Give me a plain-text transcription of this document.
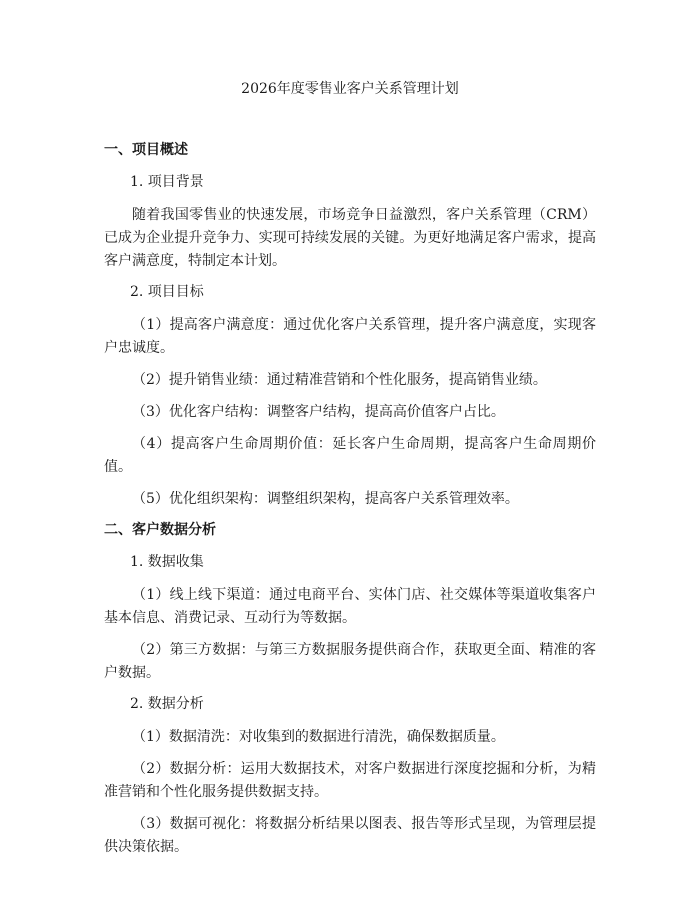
2026年度零售业客户关系管理计划
一、项目概述
1. 项目背景
随着我国零售业的快速发展，市场竞争日益激烈，客户关系管理（CRM）已成为企业提升竞争力、实现可持续发展的关键。为更好地满足客户需求，提高客户满意度，特制定本计划。
2. 项目目标
（1）提高客户满意度：通过优化客户关系管理，提升客户满意度，实现客户忠诚度。
（2）提升销售业绩：通过精准营销和个性化服务，提高销售业绩。
（3）优化客户结构：调整客户结构，提高高价值客户占比。
（4）提高客户生命周期价值：延长客户生命周期，提高客户生命周期价值。
（5）优化组织架构：调整组织架构，提高客户关系管理效率。
二、客户数据分析
1. 数据收集
（1）线上线下渠道：通过电商平台、实体门店、社交媒体等渠道收集客户基本信息、消费记录、互动行为等数据。
（2）第三方数据：与第三方数据服务提供商合作，获取更全面、精准的客户数据。
2. 数据分析
（1）数据清洗：对收集到的数据进行清洗，确保数据质量。
（2）数据分析：运用大数据技术，对客户数据进行深度挖掘和分析，为精准营销和个性化服务提供数据支持。
（3）数据可视化：将数据分析结果以图表、报告等形式呈现，为管理层提供决策依据。
